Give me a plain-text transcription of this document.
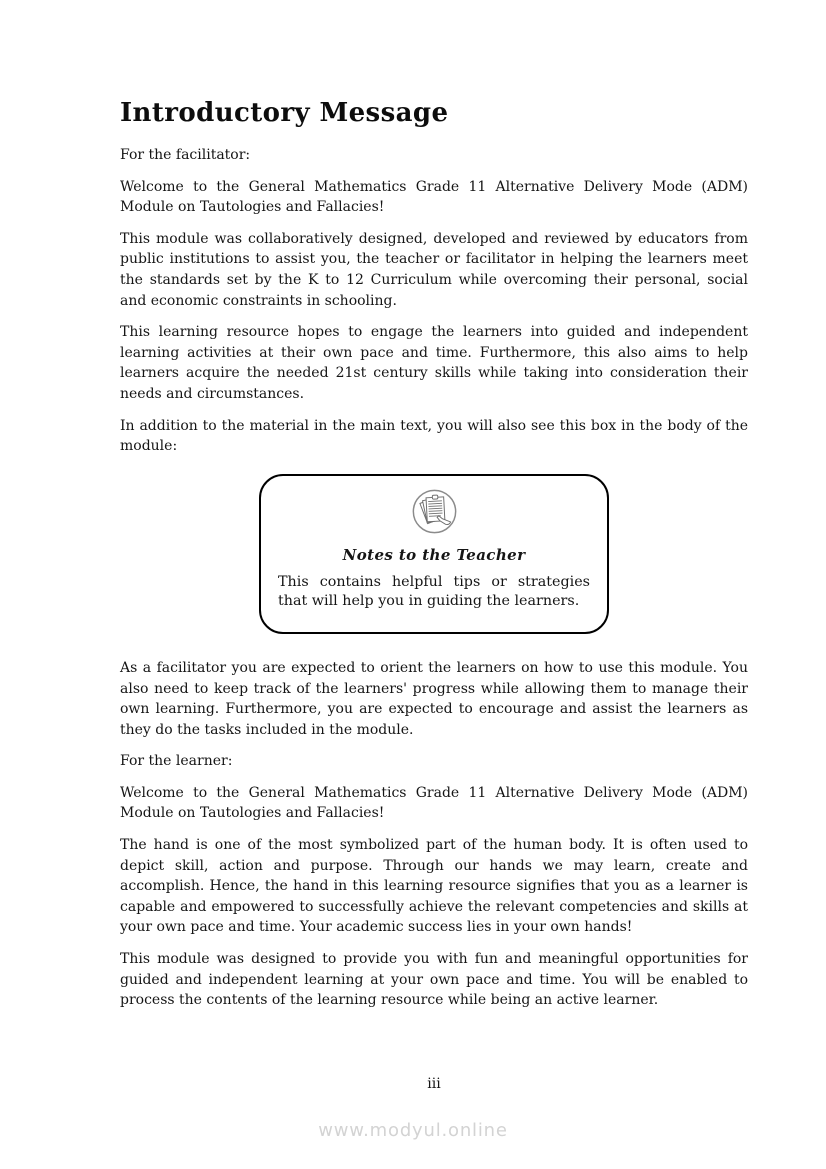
Introductory Message

For the facilitator:

Welcome to the General Mathematics Grade 11 Alternative Delivery Mode (ADM) Module on Tautologies and Fallacies!

This module was collaboratively designed, developed and reviewed by educators from public institutions to assist you, the teacher or facilitator in helping the learners meet the standards set by the K to 12 Curriculum while overcoming their personal, social and economic constraints in schooling.

This learning resource hopes to engage the learners into guided and independent learning activities at their own pace and time. Furthermore, this also aims to help learners acquire the needed 21st century skills while taking into consideration their needs and circumstances.

In addition to the material in the main text, you will also see this box in the body of the module:

Notes to the Teacher

This contains helpful tips or strategies that will help you in guiding the learners.

As a facilitator you are expected to orient the learners on how to use this module. You also need to keep track of the learners' progress while allowing them to manage their own learning. Furthermore, you are expected to encourage and assist the learners as they do the tasks included in the module.

For the learner:

Welcome to the General Mathematics Grade 11 Alternative Delivery Mode (ADM) Module on Tautologies and Fallacies!

The hand is one of the most symbolized part of the human body. It is often used to depict skill, action and purpose. Through our hands we may learn, create and accomplish. Hence, the hand in this learning resource signifies that you as a learner is capable and empowered to successfully achieve the relevant competencies and skills at your own pace and time. Your academic success lies in your own hands!

This module was designed to provide you with fun and meaningful opportunities for guided and independent learning at your own pace and time. You will be enabled to process the contents of the learning resource while being an active learner.

iii
www.modyul.online
